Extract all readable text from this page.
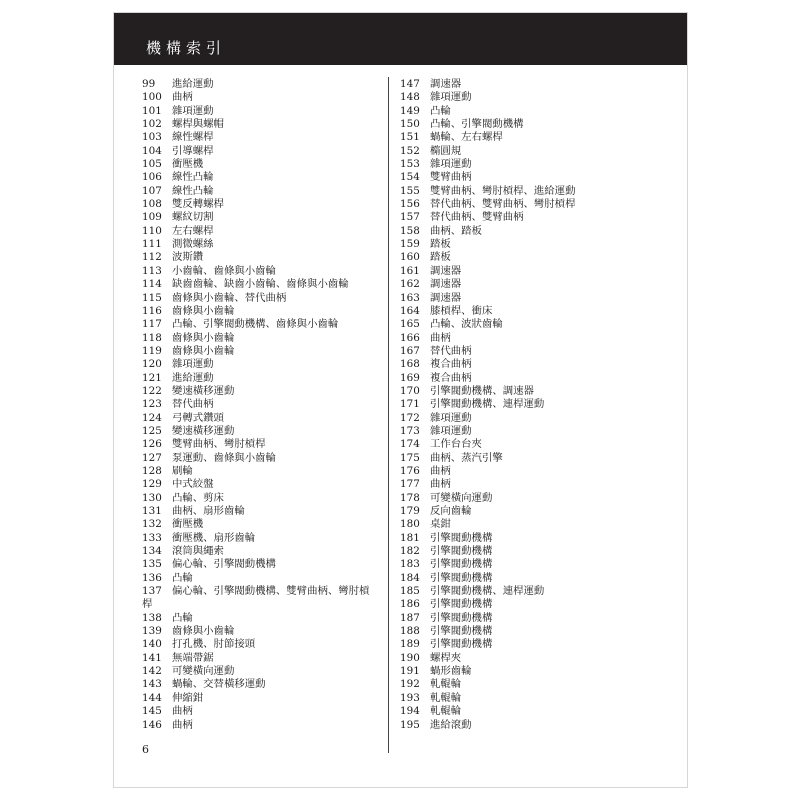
機構索引
99	進給運動
100 曲柄
101 雜項運動
102 螺桿與螺帽
103 線性螺桿
104 引導螺桿
105 衝壓機
106 線性凸輪
107 線性凸輪
108 雙反轉螺桿
109 螺紋切割
110 左右螺桿
111 測微螺絲
112 波斯鑽
113 小齒輪、齒條與小齒輪
114 缺齒齒輪、缺齒小齒輪、齒條與小齒輪
115 齒條與小齒輪、替代曲柄
116 齒條與小齒輪
117 凸輪、引擎閥動機構、齒條與小齒輪
118 齒條與小齒輪
119 齒條與小齒輪
120 雜項運動
121 進給運動
122 變速橫移運動
123 替代曲柄
124 弓轉式鑽頭
125 變速橫移運動
126 雙臂曲柄、彎肘槓桿
127 泵運動、齒條與小齒輪
128 刷輪
129 中式絞盤
130 凸輪、剪床
131 曲柄、扇形齒輪
132 衝壓機
133 衝壓機、扇形齒輪
134 滾筒與繩索
135 偏心輪、引擎閥動機構
136 凸輪
137 偏心輪、引擎閥動機構、雙臂曲柄、彎肘槓
桿
138 凸輪
139 齒條與小齒輪
140 打孔機、肘節接頭
141 無端帶鋸
142 可變橫向運動
143 蝸輪、交替橫移運動
144 伸縮鉗
145 曲柄
146 曲柄
147 調速器
148 雜項運動
149 凸輪
150 凸輪、引擎閥動機構
151 蝸輪、左右螺桿
152 橢圓規
153 雜項運動
154 雙臂曲柄
155 雙臂曲柄、彎肘槓桿、進給運動
156 替代曲柄、雙臂曲柄、彎肘槓桿
157 替代曲柄、雙臂曲柄
158 曲柄、踏板
159 踏板
160 踏板
161 調速器
162 調速器
163 調速器
164 膝槓桿、衝床
165 凸輪、波狀齒輪
166 曲柄
167 替代曲柄
168 複合曲柄
169 複合曲柄
170 引擎閥動機構、調速器
171 引擎閥動機構、連桿運動
172 雜項運動
173 雜項運動
174 工作台台夾
175 曲柄、蒸汽引擎
176 曲柄
177 曲柄
178 可變橫向運動
179 反向齒輪
180 桌鉗
181 引擎閥動機構
182 引擎閥動機構
183 引擎閥動機構
184 引擎閥動機構
185 引擎閥動機構、連桿運動
186 引擎閥動機構
187 引擎閥動機構
188 引擎閥動機構
189 引擎閥動機構
190 螺桿夾
191 蝸形齒輪
192 軋輥輪
193 軋輥輪
194 軋輥輪
195 進給滾動
6
